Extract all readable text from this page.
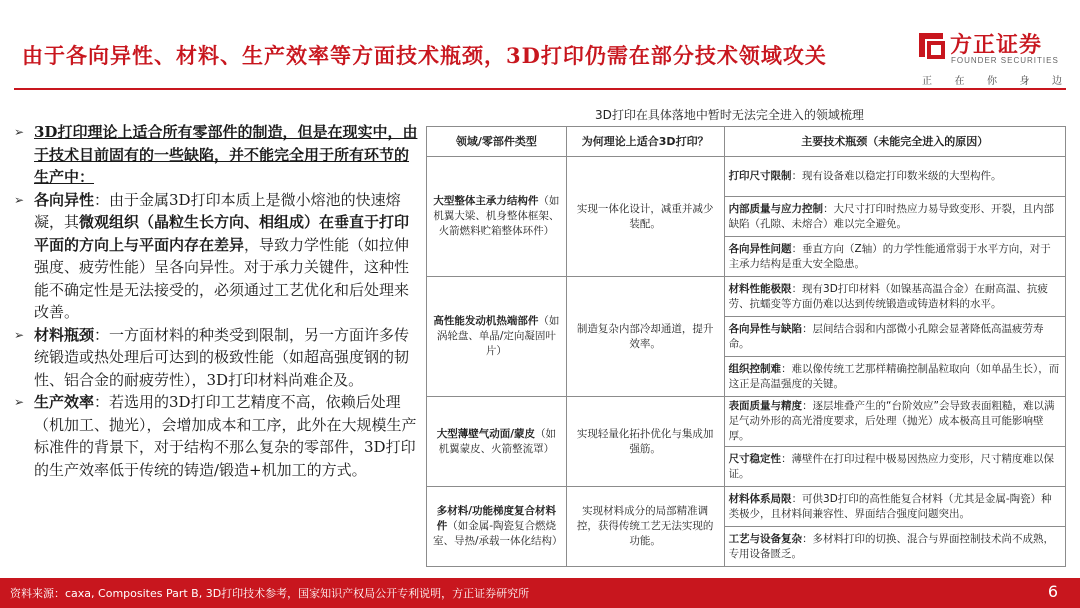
由于各向异性、材料、生产效率等方面技术瓶颈，3D打印仍需在部分技术领域攻关	方正证券
FOUNDER SECURITIES
正 在 你 身 边
➢ 3D打印理论上适合所有零部件的制造，但是在现实中，由于技术目前固有的一些缺陷，并不能完全用于所有环节的生产中：
➢ 各向异性：由于金属3D打印本质上是微小熔池的快速熔凝，其微观组织（晶粒生长方向、相组成）在垂直于打印平面的方向上与平面内存在差异，导致力学性能（如拉伸强度、疲劳性能）呈各向异性。对于承力关键件，这种性能不确定性是无法接受的，必须通过工艺优化和后处理来改善。
➢ 材料瓶颈：一方面材料的种类受到限制，另一方面许多传统锻造或热处理后可达到的极致性能（如超高强度钢的韧性、铝合金的耐疲劳性），3D打印材料尚难企及。
➢ 生产效率：若选用的3D打印工艺精度不高，依赖后处理（机加工、抛光），会增加成本和工序，此外在大规模生产标准件的背景下，对于结构不那么复杂的零部件，3D打印的生产效率低于传统的铸造/锻造+机加工的方式。
3D打印在具体落地中暂时无法完全进入的领域梳理
领域/零部件类型	为何理论上适合3D打印？	主要技术瓶颈（未能完全进入的原因）
大型整体主承力结构件（如机翼大梁、机身整体框架、火箭燃料贮箱整体环件）	实现一体化设计，减重并减少装配。	打印尺寸限制：现有设备难以稳定打印数米级的大型构件。
		内部质量与应力控制：大尺寸打印时热应力易导致变形、开裂，且内部缺陷（孔隙、未熔合）难以完全避免。
		各向异性问题：垂直方向（Z轴）的力学性能通常弱于水平方向，对于主承力结构是重大安全隐患。
高性能发动机热端部件（如涡轮盘、单晶/定向凝固叶片）	制造复杂内部冷却通道，提升效率。	材料性能极限：现有3D打印材料（如镍基高温合金）在耐高温、抗疲劳、抗蠕变等方面仍难以达到传统锻造或铸造材料的水平。
		各向异性与缺陷：层间结合弱和内部微小孔隙会显著降低高温疲劳寿命。
		组织控制难：难以像传统工艺那样精确控制晶粒取向（如单晶生长），而这正是高温强度的关键。
大型薄壁气动面/蒙皮（如机翼蒙皮、火箭整流罩）	实现轻量化拓扑优化与集成加强筋。	表面质量与精度：逐层堆叠产生的“台阶效应”会导致表面粗糙，难以满足气动外形的高光滑度要求，后处理（抛光）成本极高且可能影响壁厚。
		尺寸稳定性：薄壁件在打印过程中极易因热应力变形，尺寸精度难以保证。
多材料/功能梯度复合材料件（如金属-陶瓷复合燃烧室、导热/承载一体化结构）	实现材料成分的局部精准调控，获得传统工艺无法实现的功能。	材料体系局限：可供3D打印的高性能复合材料（尤其是金属-陶瓷）种类极少，且材料间兼容性、界面结合强度问题突出。
		工艺与设备复杂：多材料打印的切换、混合与界面控制技术尚不成熟，专用设备匮乏。
资料来源：caxa, Composites Part B, 3D打印技术参考，国家知识产权局公开专利说明，方正证券研究所	6
